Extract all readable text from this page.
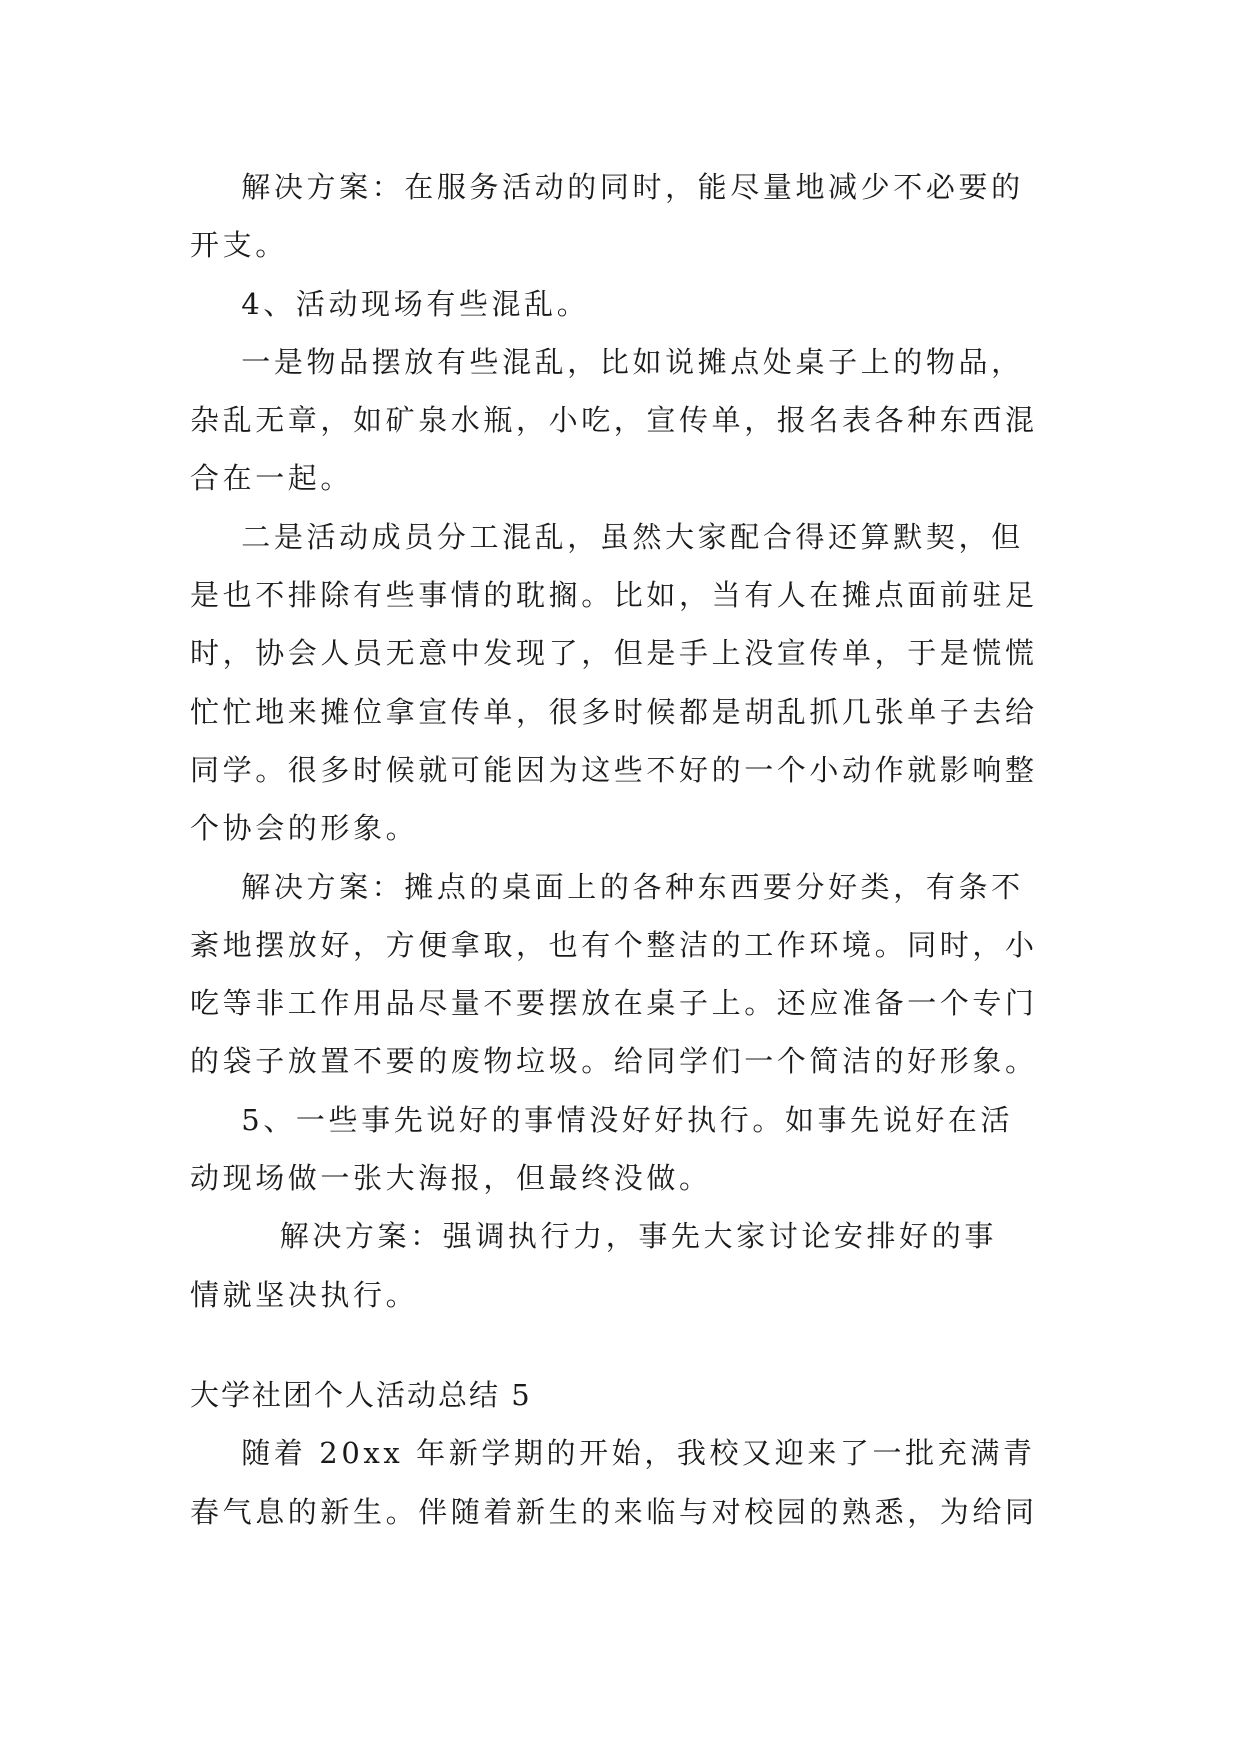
解决方案：在服务活动的同时，能尽量地减少不必要的
开支。
4、活动现场有些混乱。
一是物品摆放有些混乱，比如说摊点处桌子上的物品，
杂乱无章，如矿泉水瓶，小吃，宣传单，报名表各种东西混
合在一起。
二是活动成员分工混乱，虽然大家配合得还算默契，但
是也不排除有些事情的耽搁。比如，当有人在摊点面前驻足
时，协会人员无意中发现了，但是手上没宣传单，于是慌慌
忙忙地来摊位拿宣传单，很多时候都是胡乱抓几张单子去给
同学。很多时候就可能因为这些不好的一个小动作就影响整
个协会的形象。
解决方案：摊点的桌面上的各种东西要分好类，有条不
紊地摆放好，方便拿取，也有个整洁的工作环境。同时，小
吃等非工作用品尽量不要摆放在桌子上。还应准备一个专门
的袋子放置不要的废物垃圾。给同学们一个简洁的好形象。
5、一些事先说好的事情没好好执行。如事先说好在活
动现场做一张大海报，但最终没做。
解决方案：强调执行力，事先大家讨论安排好的事
情就坚决执行。
大学社团个人活动总结 5
随着 20xx 年新学期的开始，我校又迎来了一批充满青
春气息的新生。伴随着新生的来临与对校园的熟悉，为给同
